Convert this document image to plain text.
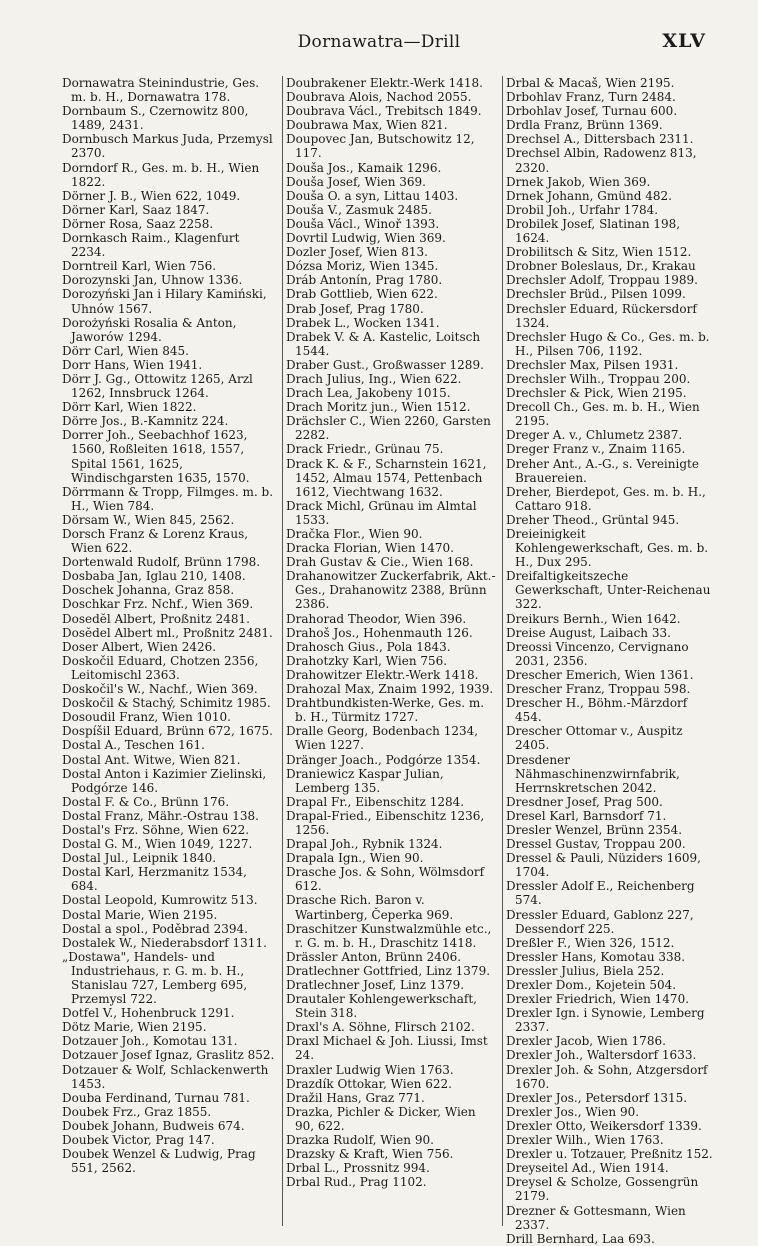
Dornawatra—Drill	XLV
Dornawatra Steinindustrie, Ges. m. b. H., Dornawatra 178.
Dornbaum S., Czernowitz 800, 1489, 2431.
Dornbusch Markus Juda, Przemysl 2370.
Dorndorf R., Ges. m. b. H., Wien 1822.
Dörner J. B., Wien 622, 1049.
Dörner Karl, Saaz 1847.
Dörner Rosa, Saaz 2258.
Dornkasch Raim., Klagenfurt 2234.
Dorntreil Karl, Wien 756.
Dorozynski Jan, Uhnow 1336.
Dorozyński Jan i Hilary Kamiński, Uhnów 1567.
Dorożyński Rosalia & Anton, Jaworów 1294.
Dörr Carl, Wien 845.
Dorr Hans, Wien 1941.
Dörr J. Gg., Ottowitz 1265, Arzl 1262, Innsbruck 1264.
Dörr Karl, Wien 1822.
Dörre Jos., B.-Kamnitz 224.
Dorrer Joh., Seebachhof 1623, 1560, Roßleiten 1618, 1557, Spital 1561, 1625, Windischgarsten 1635, 1570.
Dörrmann & Tropp, Filmges. m. b. H., Wien 784.
Dörsam W., Wien 845, 2562.
Dorsch Franz & Lorenz Kraus, Wien 622.
Dortenwald Rudolf, Brünn 1798.
Dosbaba Jan, Iglau 210, 1408.
Doschek Johanna, Graz 858.
Doschkar Frz. Nchf., Wien 369.
Dosedĕl Albert, Proßnitz 2481.
Dosĕdel Albert ml., Proßnitz 2481.
Doser Albert, Wien 2426.
Doskočil Eduard, Chotzen 2356, Leitomischl 2363.
Doskočil's W., Nachf., Wien 369.
Doskočil & Stachý, Schimitz 1985.
Dosoudil Franz, Wien 1010.
Dospíšil Eduard, Brünn 672, 1675.
Dostal A., Teschen 161.
Dostal Ant. Witwe, Wien 821.
Dostal Anton i Kazimier Zielinski, Podgórze 146.
Dostal F. & Co., Brünn 176.
Dostal Franz, Mähr.-Ostrau 138.
Dostal's Frz. Söhne, Wien 622.
Dostal G. M., Wien 1049, 1227.
Dostal Jul., Leipnik 1840.
Dostal Karl, Herzmanitz 1534, 684.
Dostal Leopold, Kumrowitz 513.
Dostal Marie, Wien 2195.
Dostal a spol., Poděbrad 2394.
Dostalek W., Niederabsdorf 1311.
„Dostawa", Handels- und Industriehaus, r. G. m. b. H., Stanislau 727, Lemberg 695, Przemysl 722.
Dotfel V., Hohenbruck 1291.
Dötz Marie, Wien 2195.
Dotzauer Joh., Komotau 131.
Dotzauer Josef Ignaz, Graslitz 852.
Dotzauer & Wolf, Schlackenwerth 1453.
Douba Ferdinand, Turnau 781.
Doubek Frz., Graz 1855.
Doubek Johann, Budweis 674.
Doubek Victor, Prag 147.
Doubek Wenzel & Ludwig, Prag 551, 2562.
Doubrakener Elektr.-Werk 1418.
Doubrava Alois, Nachod 2055.
Doubrava Václ., Trebitsch 1849.
Doubrawa Max, Wien 821.
Doupovec Jan, Butschowitz 12, 117.
Douša Jos., Kamaik 1296.
Douša Josef, Wien 369.
Douša O. a syn, Littau 1403.
Douša V., Zasmuk 2485.
Douša Václ., Winoř 1393.
Dovrtil Ludwig, Wien 369.
Dozler Josef, Wien 813.
Dózsa Moriz, Wien 1345.
Dráb Antonín, Prag 1780.
Drab Gottlieb, Wien 622.
Drab Josef, Prag 1780.
Drabek L., Wocken 1341.
Drabek V. & A. Kastelic, Loitsch 1544.
Draber Gust., Großwasser 1289.
Drach Julius, Ing., Wien 622.
Drach Lea, Jakobeny 1015.
Drach Moritz jun., Wien 1512.
Drächsler C., Wien 2260, Garsten 2282.
Drack Friedr., Grünau 75.
Drack K. & F., Scharnstein 1621, 1452, Almau 1574, Pettenbach 1612, Viechtwang 1632.
Drack Michl, Grünau im Almtal 1533.
Dračka Flor., Wien 90.
Dracka Florian, Wien 1470.
Drah Gustav & Cie., Wien 168.
Drahanowitzer Zuckerfabrik, Akt.-Ges., Drahanowitz 2388, Brünn 2386.
Drahorad Theodor, Wien 396.
Drahoš Jos., Hohenmauth 126.
Drahosch Gius., Pola 1843.
Drahotzky Karl, Wien 756.
Drahowitzer Elektr.-Werk 1418.
Drahozal Max, Znaim 1992, 1939.
Drahtbundkisten-Werke, Ges. m. b. H., Türmitz 1727.
Dralle Georg, Bodenbach 1234, Wien 1227.
Dränger Joach., Podgórze 1354.
Draniewicz Kaspar Julian, Lemberg 135.
Drapal Fr., Eibenschitz 1284.
Drapal-Fried., Eibenschitz 1236, 1256.
Drapal Joh., Rybnik 1324.
Drapala Ign., Wien 90.
Drasche Jos. & Sohn, Wölmsdorf 612.
Drasche Rich. Baron v. Wartinberg, Čeperka 969.
Draschitzer Kunstwalzmühle etc., r. G. m. b. H., Draschitz 1418.
Drässler Anton, Brünn 2406.
Dratlechner Gottfried, Linz 1379.
Dratlechner Josef, Linz 1379.
Drautaler Kohlengewerkschaft, Stein 318.
Draxl's A. Söhne, Flirsch 2102.
Draxl Michael & Joh. Liussi, Imst 24.
Draxler Ludwig Wien 1763.
Drazdík Ottokar, Wien 622.
Dražil Hans, Graz 771.
Drazka, Pichler & Dicker, Wien 90, 622.
Drazka Rudolf, Wien 90.
Drazsky & Kraft, Wien 756.
Drbal L., Prossnitz 994.
Drbal Rud., Prag 1102.
Drbal & Macaš, Wien 2195.
Drbohlav Franz, Turn 2484.
Drbohlav Josef, Turnau 600.
Drdla Franz, Brünn 1369.
Drechsel A., Dittersbach 2311.
Drechsel Albin, Radowenz 813, 2320.
Drnek Jakob, Wien 369.
Drnek Johann, Gmünd 482.
Drobil Joh., Urfahr 1784.
Drobilek Josef, Slatinan 198, 1624.
Drobilitsch & Sitz, Wien 1512.
Drobner Boleslaus, Dr., Krakau
Drechsler Adolf, Troppau 1989.
Drechsler Brüd., Pilsen 1099.
Drechsler Eduard, Rückersdorf 1324.
Drechsler Hugo & Co., Ges. m. b. H., Pilsen 706, 1192.
Drechsler Max, Pilsen 1931.
Drechsler Wilh., Troppau 200.
Drechsler & Pick, Wien 2195.
Drecoll Ch., Ges. m. b. H., Wien 2195.
Dreger A. v., Chlumetz 2387.
Dreger Franz v., Znaim 1165.
Dreher Ant., A.-G., s. Vereinigte Brauereien.
Dreher, Bierdepot, Ges. m. b. H., Cattaro 918.
Dreher Theod., Grüntal 945.
Dreieinigkeit Kohlengewerkschaft, Ges. m. b. H., Dux 295.
Dreifaltigkeitszeche Gewerkschaft, Unter-Reichenau 322.
Dreikurs Bernh., Wien 1642.
Dreise August, Laibach 33.
Dreossi Vincenzo, Cervignano 2031, 2356.
Drescher Emerich, Wien 1361.
Drescher Franz, Troppau 598.
Drescher H., Böhm.-Märzdorf 454.
Drescher Ottomar v., Auspitz 2405.
Dresdener Nähmaschinenzwirnfabrik, Herrnskretschen 2042.
Dresdner Josef, Prag 500.
Dresel Karl, Barnsdorf 71.
Dresler Wenzel, Brünn 2354.
Dressel Gustav, Troppau 200.
Dressel & Pauli, Nüziders 1609, 1704.
Dressler Adolf E., Reichenberg 574.
Dressler Eduard, Gablonz 227, Dessendorf 225.
Dreßler F., Wien 326, 1512.
Dressler Hans, Komotau 338.
Dressler Julius, Biela 252.
Drexler Dom., Kojetein 504.
Drexler Friedrich, Wien 1470.
Drexler Ign. i Synowie, Lemberg 2337.
Drexler Jacob, Wien 1786.
Drexler Joh., Waltersdorf 1633.
Drexler Joh. & Sohn, Atzgersdorf 1670.
Drexler Jos., Petersdorf 1315.
Drexler Jos., Wien 90.
Drexler Otto, Weikersdorf 1339.
Drexler Wilh., Wien 1763.
Drexler u. Totzauer, Preßnitz 152.
Dreyseitel Ad., Wien 1914.
Dreysel & Scholze, Gossengrün 2179.
Drezner & Gottesmann, Wien 2337.
Drill Bernhard, Laa 693.
